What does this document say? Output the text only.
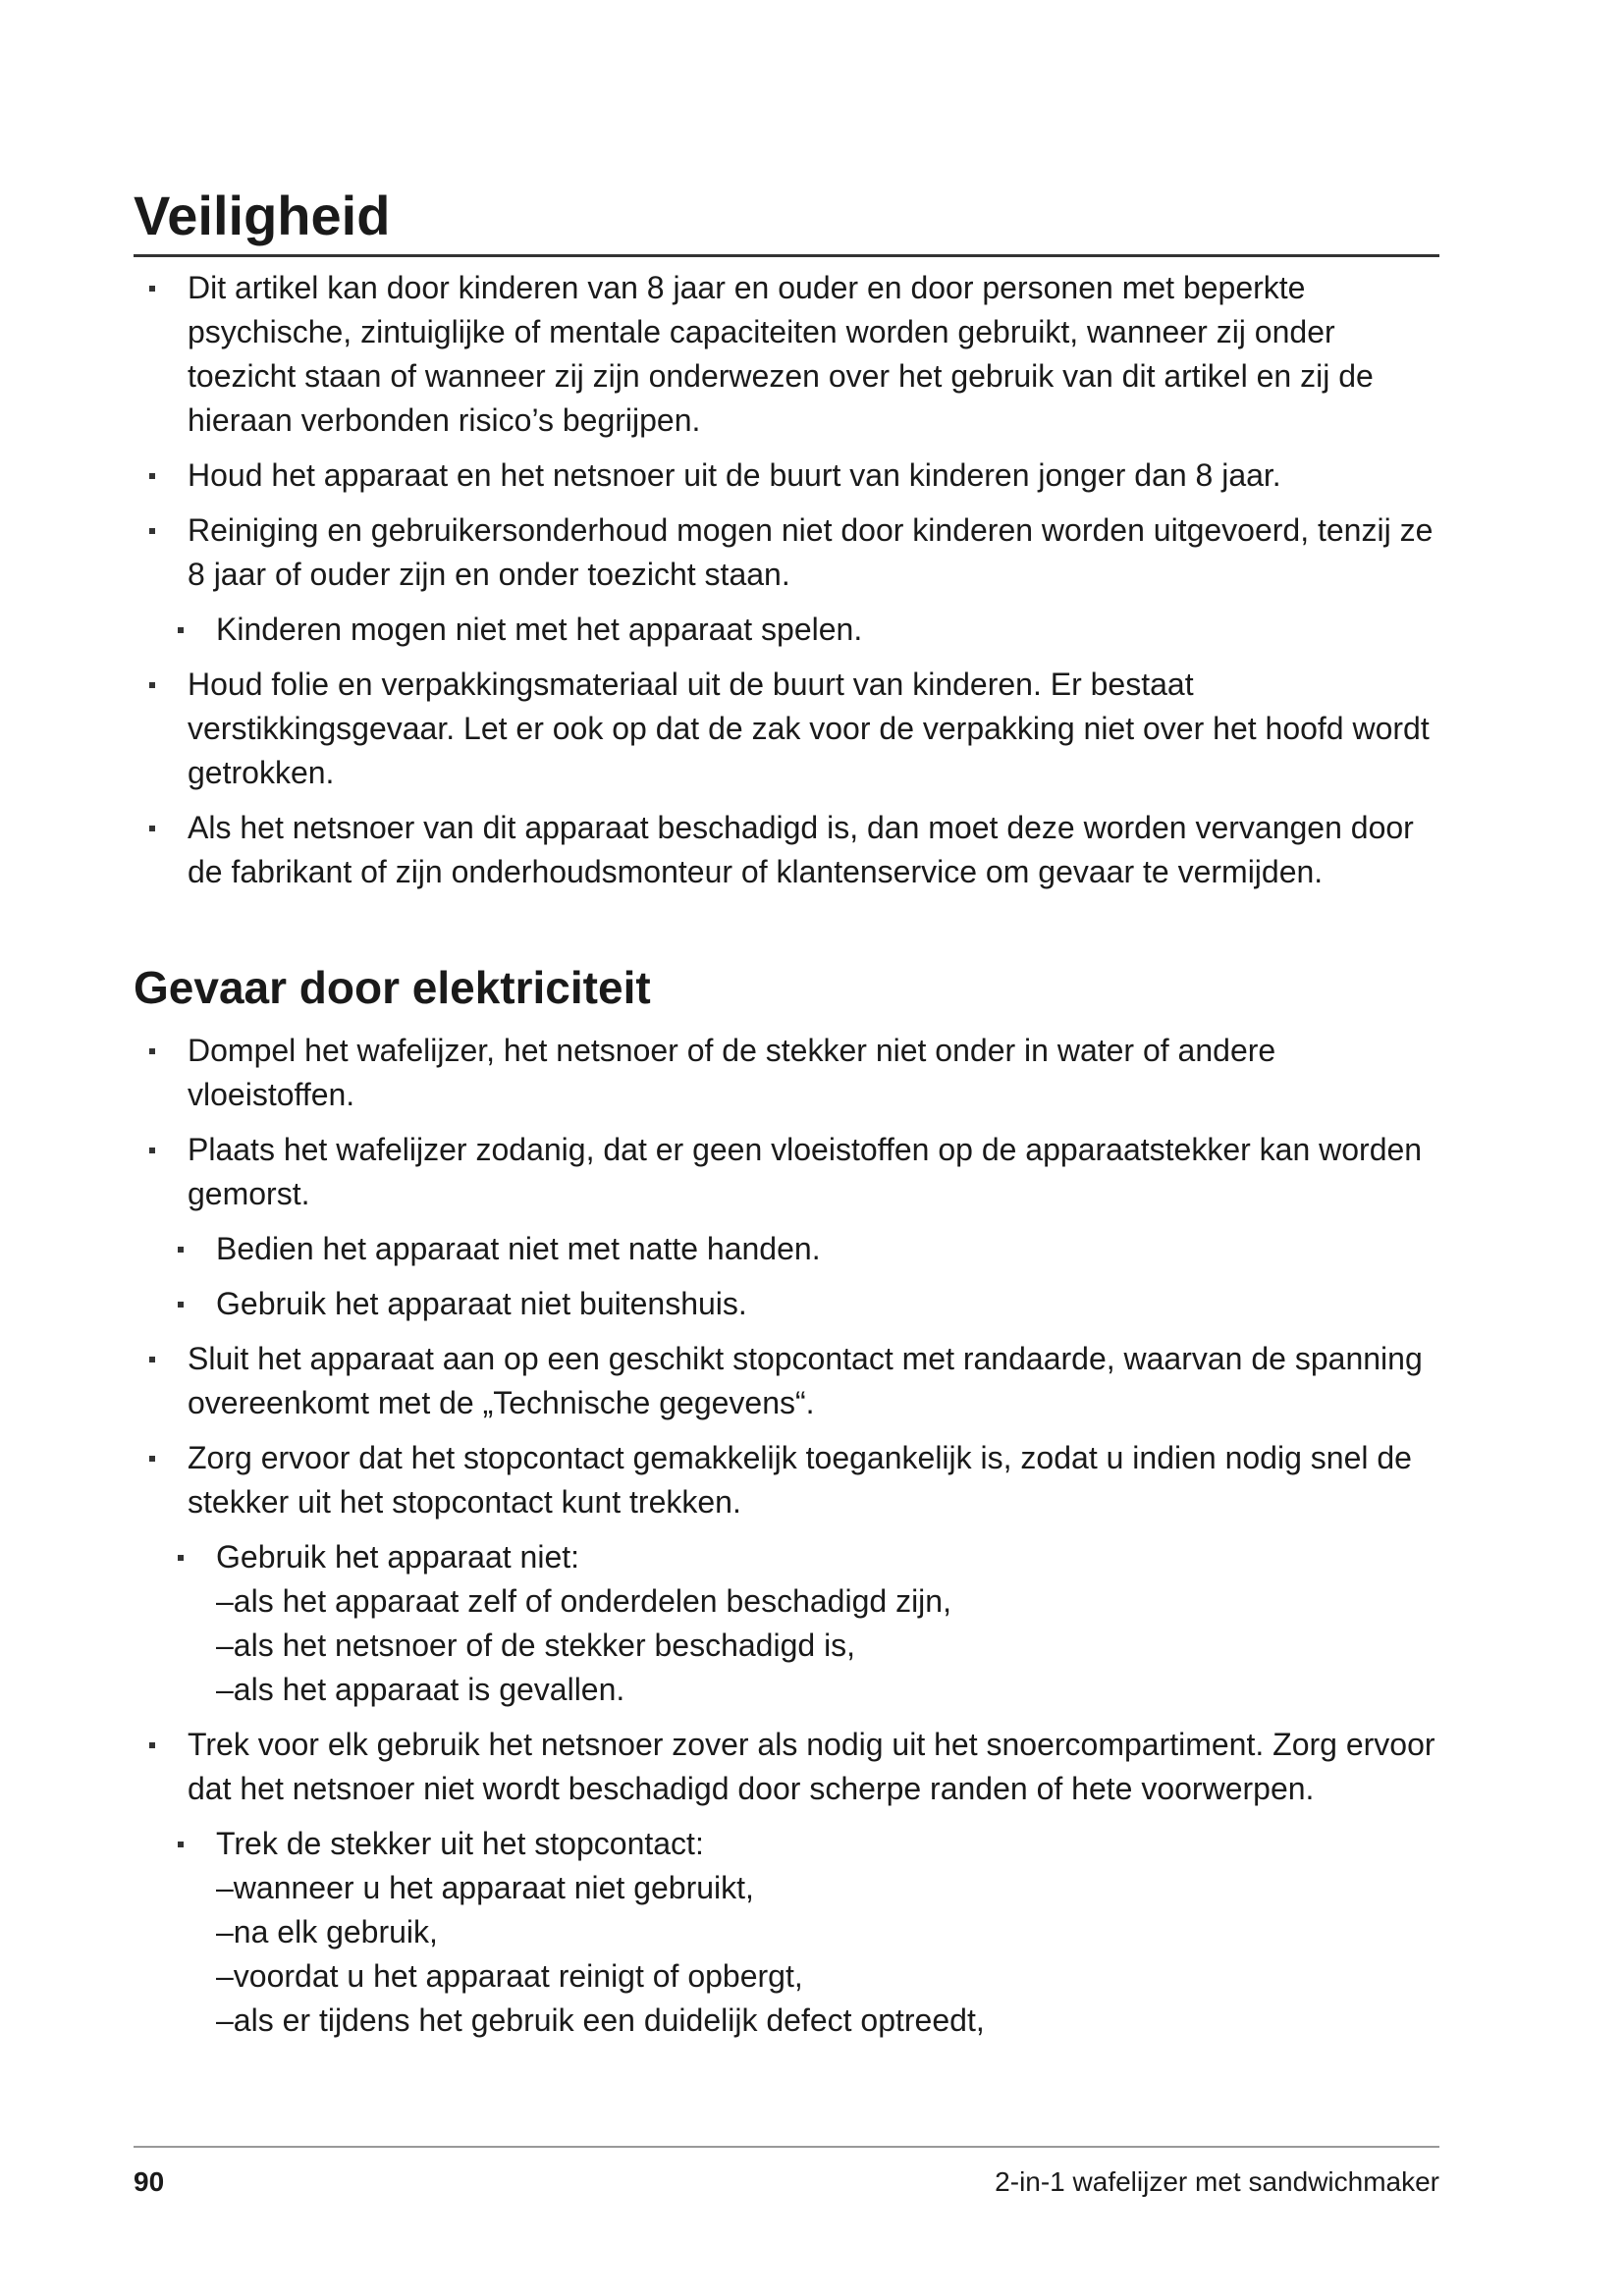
Veiligheid
Dit artikel kan door kinderen van 8 jaar en ouder en door personen met beperkte psychische, zintuiglijke of mentale capaciteiten worden gebruikt, wanneer zij onder toezicht staan of wanneer zij zijn onderwezen over het gebruik van dit artikel en zij de hieraan verbonden risico’s begrijpen.
Houd het apparaat en het netsnoer uit de buurt van kinderen jonger dan 8 jaar.
Reiniging en gebruikersonderhoud mogen niet door kinderen worden uitgevoerd, tenzij ze 8 jaar of ouder zijn en onder toezicht staan.
Kinderen mogen niet met het apparaat spelen.
Houd folie en verpakkingsmateriaal uit de buurt van kinderen. Er bestaat verstikkingsgevaar. Let er ook op dat de zak voor de verpakking niet over het hoofd wordt getrokken.
Als het netsnoer van dit apparaat beschadigd is, dan moet deze worden vervangen door de fabrikant of zijn onderhoudsmonteur of klantenservice om gevaar te vermijden.
Gevaar door elektriciteit
Dompel het wafelijzer, het netsnoer of de stekker niet onder in water of andere vloeistoffen.
Plaats het wafelijzer zodanig, dat er geen vloeistoffen op de apparaatstekker kan worden gemorst.
Bedien het apparaat niet met natte handen.
Gebruik het apparaat niet buitenshuis.
Sluit het apparaat aan op een geschikt stopcontact met randaarde, waarvan de spanning overeenkomt met de „Technische gegevens“.
Zorg ervoor dat het stopcontact gemakkelijk toegankelijk is, zodat u indien nodig snel de stekker uit het stopcontact kunt trekken.
Gebruik het apparaat niet:
–als het apparaat zelf of onderdelen beschadigd zijn,
–als het netsnoer of de stekker beschadigd is,
–als het apparaat is gevallen.
Trek voor elk gebruik het netsnoer zover als nodig uit het snoercompartiment. Zorg ervoor dat het netsnoer niet wordt beschadigd door scherpe randen of hete voorwerpen.
Trek de stekker uit het stopcontact:
–wanneer u het apparaat niet gebruikt,
–na elk gebruik,
–voordat u het apparaat reinigt of opbergt,
–als er tijdens het gebruik een duidelijk defect optreedt,
90	2-in-1 wafelijzer met sandwichmaker
